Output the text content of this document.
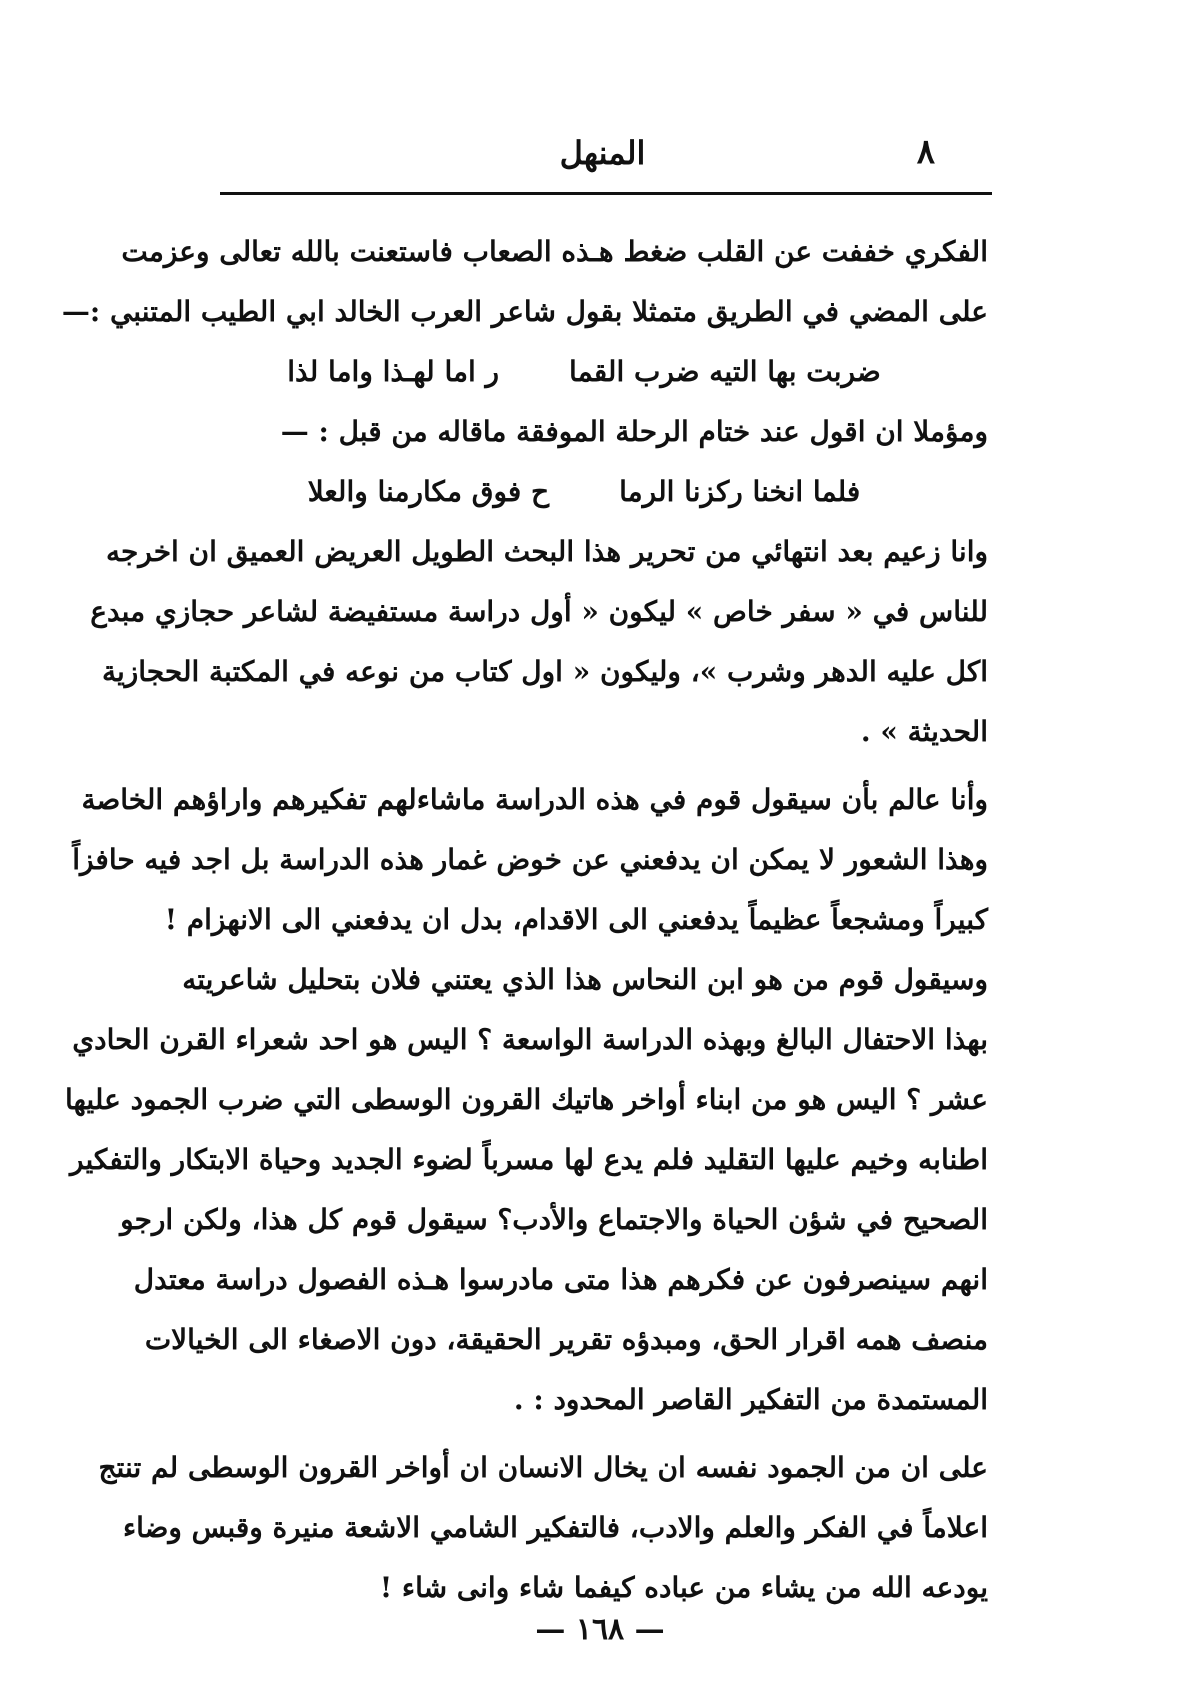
٨
المنهل
الفكري خففت عن القلب ضغط هـذه الصعاب فاستعنت بالله تعالى وعزمت
على المضي في الطريق متمثلا بقول شاعر العرب الخالد ابي الطيب المتنبي :—
ضربت بها التيه ضرب القما
ر اما لهـذا واما لذا
ومؤملا ان اقول عند ختام الرحلة الموفقة ماقاله من قبل : —
فلما انخنا ركزنا الرما
ح فوق مكارمنا والعلا
وانا زعيم بعد انتهائي من تحرير هذا البحث الطويل العريض العميق ان اخرجه
للناس في « سفر خاص » ليكون « أول دراسة مستفيضة لشاعر حجازي مبدع
اكل عليه الدهر وشرب »، وليكون « اول كتاب من نوعه في المكتبة الحجازية
الحديثة » .
وأنا عالم بأن سيقول قوم في هذه الدراسة ماشاءلهم تفكيرهم واراؤهم الخاصة
وهذا الشعور لا يمكن ان يدفعني عن خوض غمار هذه الدراسة بل اجد فيه حافزاً
كبيراً ومشجعاً عظيماً يدفعني الى الاقدام، بدل ان يدفعني الى الانهزام !
وسيقول قوم من هو ابن النحاس هذا الذي يعتني فلان بتحليل شاعريته
بهذا الاحتفال البالغ وبهذه الدراسة الواسعة ؟ اليس هو احد شعراء القرن الحادي
عشر ؟ اليس هو من ابناء أواخر هاتيك القرون الوسطى التي ضرب الجمود عليها
اطنابه وخيم عليها التقليد فلم يدع لها مسرباً لضوء الجديد وحياة الابتكار والتفكير
الصحيح في شؤن الحياة والاجتماع والأدب؟ سيقول قوم كل هذا، ولكن ارجو
انهم سينصرفون عن فكرهم هذا متى مادرسوا هـذه الفصول دراسة معتدل
منصف همه اقرار الحق، ومبدؤه تقرير الحقيقة، دون الاصغاء الى الخيالات
المستمدة من التفكير القاصر المحدود : .
على ان من الجمود نفسه ان يخال الانسان ان أواخر القرون الوسطى لم تنتج
اعلاماً في الفكر والعلم والادب، فالتفكير الشامي الاشعة منيرة وقبس وضاء
يودعه الله من يشاء من عباده كيفما شاء وانى شاء !
— ١٦٨ —
